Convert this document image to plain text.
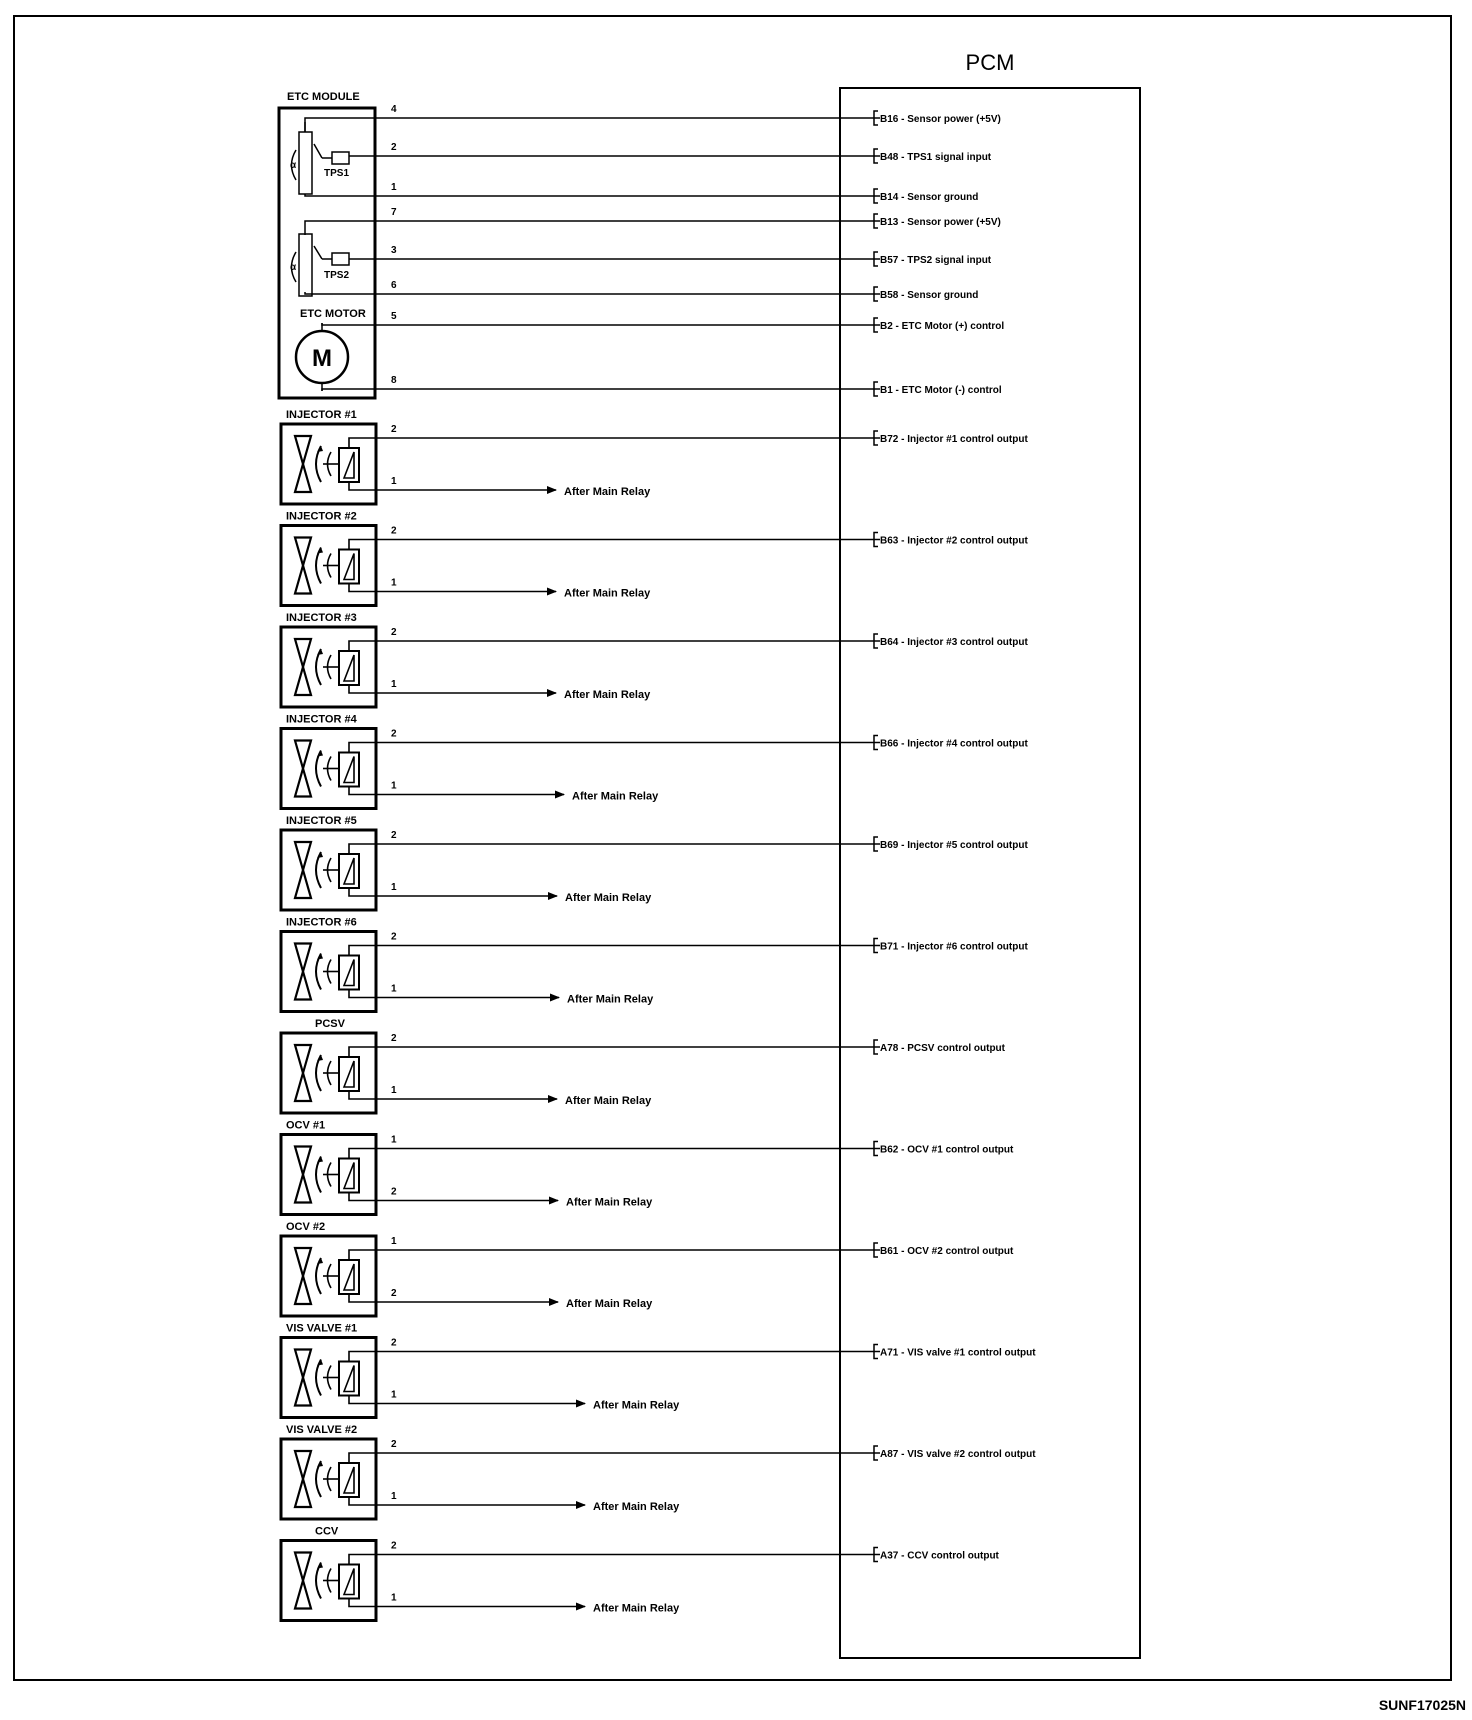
PCM
ETC MODULE
α
TPS1
α
TPS2
ETC MOTOR
M
4
B16 - Sensor power (+5V)
2
B48 - TPS1 signal input
1
B14 - Sensor ground
7
B13 - Sensor power (+5V)
3
B57 - TPS2 signal input
6
B58 - Sensor ground
5
B2 - ETC Motor (+) control
8
B1 - ETC Motor (-) control
INJECTOR #1
2
B72 - Injector #1 control output
1
After Main Relay
INJECTOR #2
2
B63 - Injector #2 control output
1
After Main Relay
INJECTOR #3
2
B64 - Injector #3 control output
1
After Main Relay
INJECTOR #4
2
B66 - Injector #4 control output
1
After Main Relay
INJECTOR #5
2
B69 - Injector #5 control output
1
After Main Relay
INJECTOR #6
2
B71 - Injector #6 control output
1
After Main Relay
PCSV
2
A78 - PCSV control output
1
After Main Relay
OCV #1
1
B62 - OCV #1 control output
2
After Main Relay
OCV #2
1
B61 - OCV #2 control output
2
After Main Relay
VIS VALVE #1
2
A71 - VIS valve #1 control output
1
After Main Relay
VIS VALVE #2
2
A87 - VIS valve #2 control output
1
After Main Relay
CCV
2
A37 - CCV control output
1
After Main Relay
SUNF17025N
